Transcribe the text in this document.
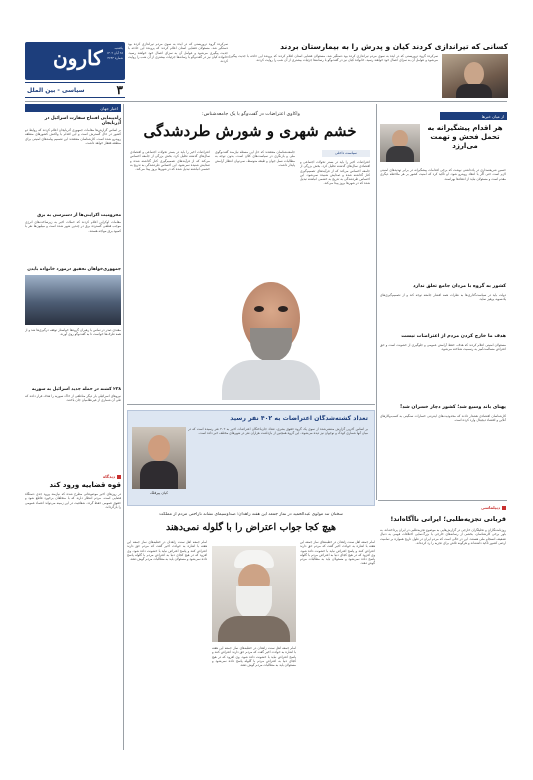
کارون	یکشنبه
۲۸ آبان ۱۴۰۲
شماره ۴۶۴۳
۳
سیاسی - بین الملل
کسانی که تیراندازی کردند کیان و پدرش را به بیمارستان بردند
سرکرده گروه تروریستی که در ایذه به سوی مردم تیراندازی کرده بود دستگیر شد. مسئولان قضایی استان اعلام کردند که پرونده این حادثه با جدیت پیگیری می‌شود و عوامل آن به سزای اعمال خود خواهند رسید. خانواده کیان نیز در گفت‌وگو با رسانه‌ها جزئیات بیشتری از آن شب را روایت کردند.
سرکرده گروه تروریستی که در ایذه به سوی مردم تیراندازی کرده بود دستگیر شد. مسئولان قضایی استان اعلام کردند که پرونده این حادثه با جدیت پیگیری می‌شود و عوامل آن به سزای اعمال خود خواهند رسید. خانواده کیان نیز در گفت‌وگو با رسانه‌ها جزئیات بیشتری از آن شب را روایت کردند.
اخبار جهان
راه‌پیمایی افتتاح سفارت اسرائیل در آذربایجان
بر اساس گزارش‌ها مقامات جمهوری آذربایجان اعلام کردند که روابط دو کشور در حال گسترش است و این اقدام با واکنش کشورهای منطقه روبه‌رو شده است. کارشناسان معتقدند این تصمیم پیامدهای امنیتی برای منطقه قفقاز خواهد داشت.
محرومیت اکراینی‌ها از دسترسی به برق
مقامات اوکراین اعلام کردند که حملات اخیر به زیرساخت‌های انرژی موجب قطعی گسترده برق در چندین شهر شده است و میلیون‌ها نفر با کمبود برق مواجه هستند.
جمهوری‌خواهان تحقیق درمورد خانواده بایدن
مقتدی صدر در تماس با رهبران گروه‌ها خواستار توقف درگیری‌ها شد و از همه طرف‌ها خواست تا به گفت‌وگو روی آورند.
۲۳۸ کشته در حمله جدید اسرائیل به سوریه
نیروهای اسرائیلی بار دیگر مناطقی از خاک سوریه را هدف قرار دادند که طی آن شماری از غیرنظامیان جان باختند.
دیدگاه
قوه قضاییه ورود کند
در روزهای اخیر موضوعاتی مطرح شده که نیازمند ورود جدی دستگاه قضایی است. مردم انتظار دارند که با متخلفان برخورد قاطع شود و حقوق عمومی حفظ گردد. شفافیت در این زمینه می‌تواند اعتماد عمومی را بازگرداند.
واکاوی اعتراضات در گفت‌وگو با یک جامعه‌شناس:
خشم شهری و شورش طردشدگی
سیاست داخلی
اعتراضات اخیر را باید در بستر تحولات اجتماعی و اقتصادی سال‌های گذشته تحلیل کرد. بخش بزرگی از جامعه احساس می‌کند که از فرآیندهای تصمیم‌گیری کنار گذاشته شده و صدایش شنیده نمی‌شود. این احساس طردشدگی به تدریج به خشمی انباشته تبدیل شده که در شهرها بروز پیدا می‌کند.
جامعه‌شناسان معتقدند که حل این مسئله نیازمند گفت‌وگوی ملی و بازنگری در سیاست‌های کلان است. بدون توجه به مطالبات نسل جوان و طبقه متوسط، نمی‌توان انتظار آرامش پایدار داشت.
اعتراضات اخیر را باید در بستر تحولات اجتماعی و اقتصادی سال‌های گذشته تحلیل کرد. بخش بزرگی از جامعه احساس می‌کند که از فرآیندهای تصمیم‌گیری کنار گذاشته شده و صدایش شنیده نمی‌شود. این احساس طردشدگی به تدریج به خشمی انباشته تبدیل شده که در شهرها بروز پیدا می‌کند.
از میان خبرها
هر اقدام پیشگیرانه به تحمل فحش و تهمت می‌ارزد
حسین شریعتمداری در یادداشتی نوشت که برخی اقدامات پیشگیرانه در برابر تهدیدهای امنیتی لازم است حتی اگر با انتقاد روبه‌رو شود. او تأکید کرد که امنیت کشور بر هر ملاحظه دیگری مقدم است و مسئولان نباید از انتقادها بهراسند.
کشور به گروه با مردان جامع تعلق ندارد
دولت باید در سیاست‌گذاری‌ها به نظرات همه اقشار جامعه توجه کند و از تصمیم‌گیری‌های یک‌سویه پرهیز نماید.
هدف ما خارج کردن مردم از اعتراضات نیست
مسئولان امنیتی اعلام کردند که هدف، حفظ آرامش عمومی و جلوگیری از خشونت است و حق اعتراض مسالمت‌آمیز به رسمیت شناخته می‌شود.
پهنای باند وسیع شد؛ کشور دچار خسران شد!
کارشناسان اقتصادی هشدار دادند که محدودیت‌های اینترنتی خسارات سنگینی به کسب‌وکارهای آنلاین و اقتصاد دیجیتال وارد کرده است.
دیپلماسی
قربانی تجزیه‌طلبی؛ ایرانی ناآگاه‌اند!
روزنامه‌نگاران و تحلیلگران خارجی در گزارش‌هایی به موضوع تجزیه‌طلبی در ایران پرداخته‌اند. به باور برخی کارشناسان، بخشی از رسانه‌های خارجی با بزرگ‌نمایی اختلافات قومی به دنبال تضعیف انسجام ملی هستند. این در حالی است که مردم ایران در طول تاریخ همواره بر تمامیت ارضی کشور تأکید داشته‌اند و هرگونه تلاش برای تجزیه را رد کرده‌اند.
تعداد کشته‌شدگان اعتراضات به ۴۰۲ نفر رسید
بر اساس آخرین گزارش منتشرشده از سوی یک گروه حقوق بشری، تعداد جان‌باختگان اعتراضات اخیر به ۴۰۲ نفر رسیده است که در میان آنها شماری کودک و نوجوان نیز دیده می‌شوند. این گروه همچنین از بازداشت هزاران نفر در شهرهای مختلف خبر داده است.
کیان پیرفلک
سخنان تند مولوی عبدالحمید در نماز جمعه این هفته زاهدان؛ صداوسیمای نشانه ناراحتی مردم از مملکت
هیچ کجا جواب اعتراض را با گلوله نمی‌دهند
امام جمعه اهل سنت زاهدان در خطبه‌های نماز جمعه این هفته با اشاره به حوادث اخیر گفت که مردم حق دارند اعتراض کنند و پاسخ اعتراض نباید با خشونت داده شود. وی افزود که در هیچ کجای دنیا به اعتراض مردم با گلوله پاسخ داده نمی‌شود و مسئولان باید به مطالبات مردم گوش دهند.
امام جمعه اهل سنت زاهدان در خطبه‌های نماز جمعه این هفته با اشاره به حوادث اخیر گفت که مردم حق دارند اعتراض کنند و پاسخ اعتراض نباید با خشونت داده شود. وی افزود که در هیچ کجای دنیا به اعتراض مردم با گلوله پاسخ داده نمی‌شود و مسئولان باید به مطالبات مردم گوش دهند.
امام جمعه اهل سنت زاهدان در خطبه‌های نماز جمعه این هفته با اشاره به حوادث اخیر گفت که مردم حق دارند اعتراض کنند و پاسخ اعتراض نباید با خشونت داده شود. وی افزود که در هیچ کجای دنیا به اعتراض مردم با گلوله پاسخ داده نمی‌شود و مسئولان باید به مطالبات مردم گوش دهند.
